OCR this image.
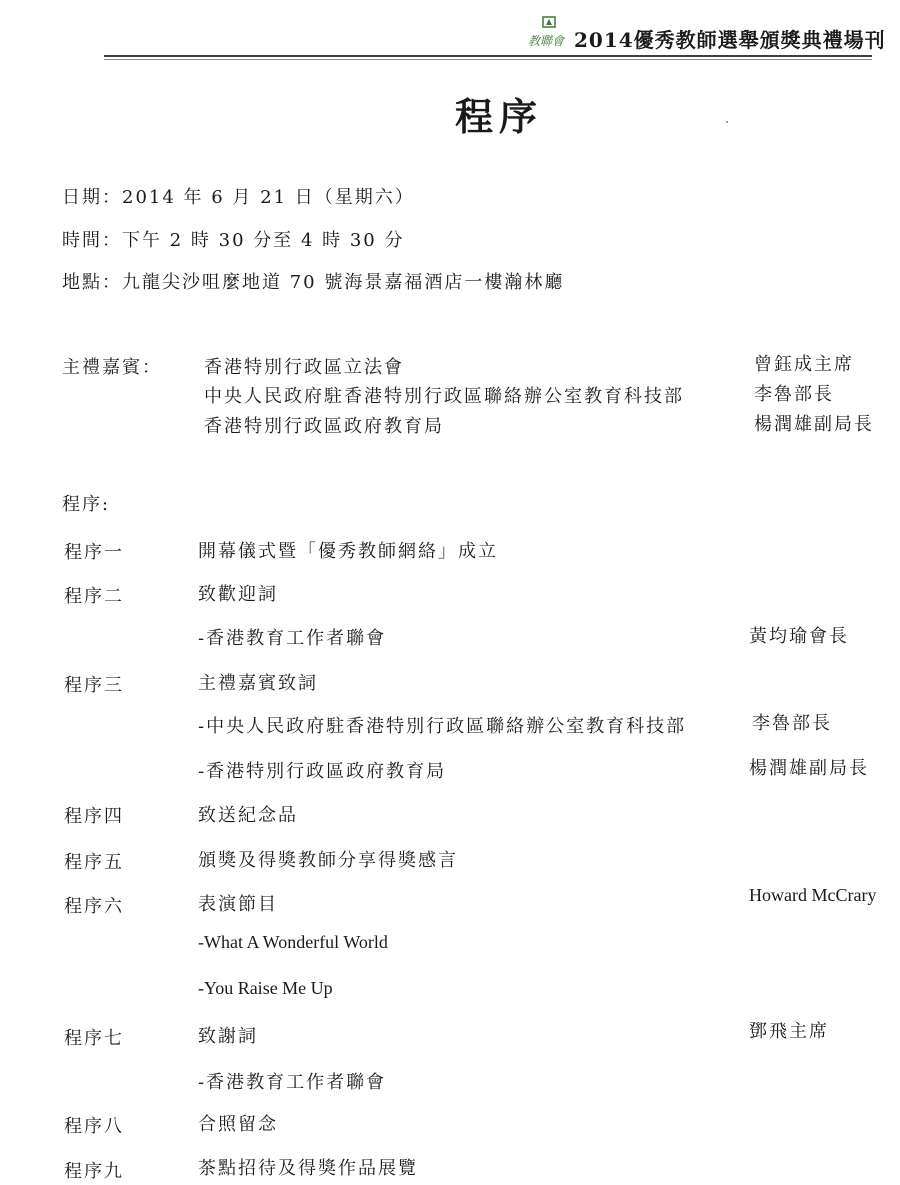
教聯會 2014優秀教師選舉頒獎典禮場刊
程序
日期：2014 年 6 月 21 日（星期六）
時間：下午 2 時 30 分至 4 時 30 分
地點：九龍尖沙咀麼地道 70 號海景嘉福酒店一樓瀚林廳
主禮嘉賓： 香港特別行政區立法會	曾鈺成主席
中央人民政府駐香港特別行政區聯絡辦公室教育科技部	李魯部長
香港特別行政區政府教育局	楊潤雄副局長
程序:
程序一	開幕儀式暨「優秀教師網絡」成立
程序二	致歡迎詞
-香港教育工作者聯會	黃均瑜會長
程序三	主禮嘉賓致詞
-中央人民政府駐香港特別行政區聯絡辦公室教育科技部	李魯部長
-香港特別行政區政府教育局	楊潤雄副局長
程序四	致送紀念品
程序五	頒獎及得獎教師分享得獎感言
程序六	表演節目	Howard McCrary
-What A Wonderful World
-You Raise Me Up
程序七	致謝詞	鄧飛主席
-香港教育工作者聯會
程序八	合照留念
程序九	茶點招待及得獎作品展覽
